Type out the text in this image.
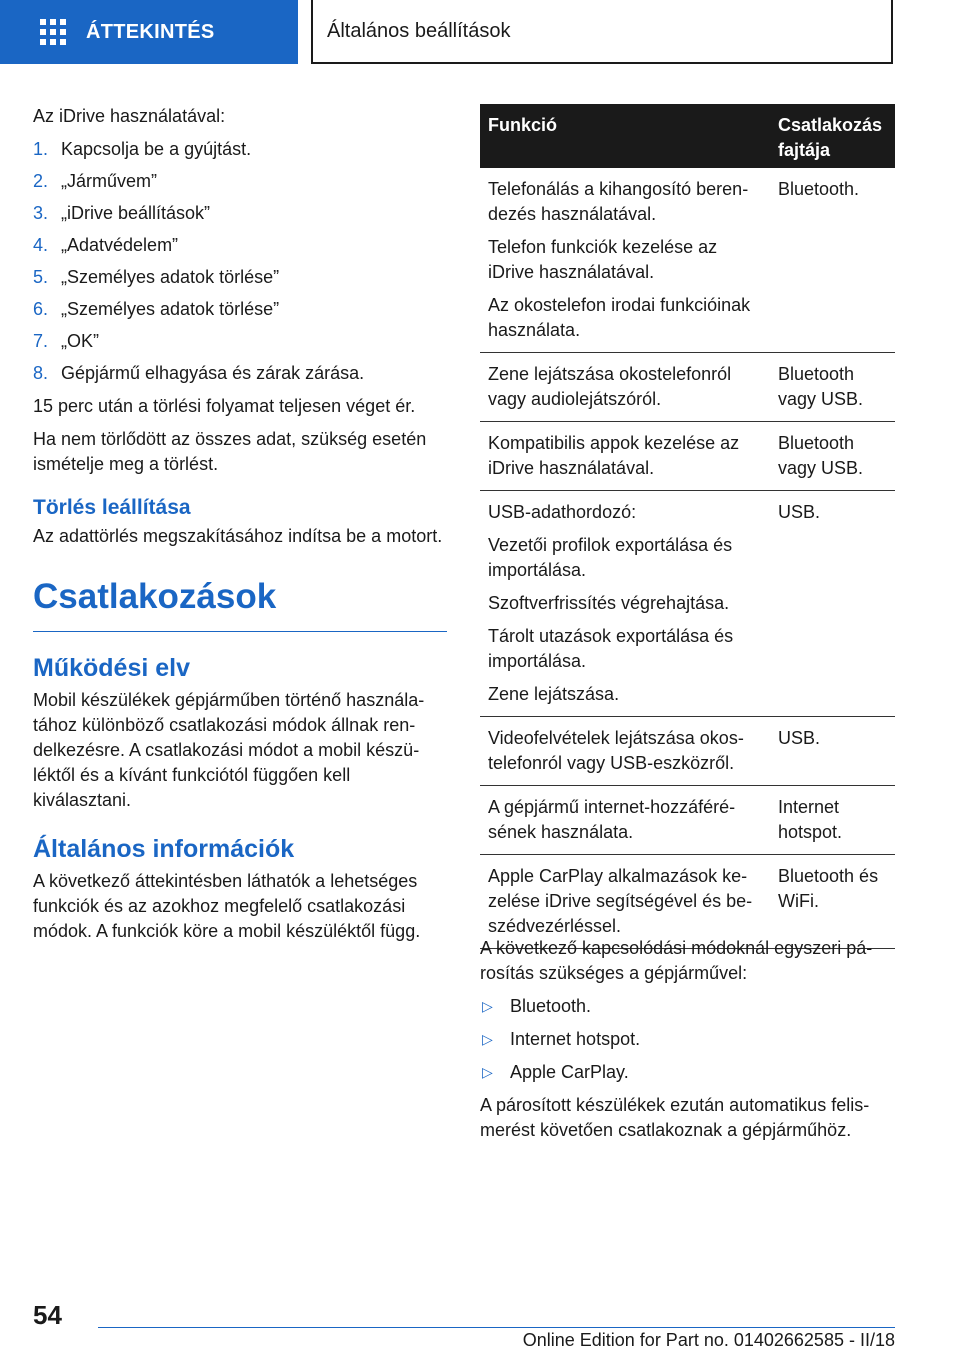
ÁTTEKINTÉS	Általános beállítások

Az iDrive használatával:

1. Kapcsolja be a gyújtást.
2. „Járművem”
3. „iDrive beállítások”
4. „Adatvédelem”
5. „Személyes adatok törlése”
6. „Személyes adatok törlése”
7. „OK”
8. Gépjármű elhagyása és zárak zárása.

15 perc után a törlési folyamat teljesen véget ér.

Ha nem törlődött az összes adat, szükség esetén ismételje meg a törlést.

Törlés leállítása

Az adattörlés megszakításához indítsa be a motort.

Csatlakozások
Működési elv

Mobil készülékek gépjárműben történő használatához különböző csatlakozási módok állnak rendelkezésre. A csatlakozási módot a mobil készüléktől és a kívánt funkciótól függően kell kiválasztani.

Általános információk

A következő áttekintésben láthatók a lehetséges funkciók és az azokhoz megfelelő csatlakozási módok. A funkciók köre a mobil készüléktől függ.

Funkció	Csatlakozás fajtája
Telefonálás a kihangosító berendezés használatával.
Telefon funkciók kezelése az iDrive használatával.
Az okostelefon irodai funkcióinak használata.
Bluetooth.
Zene lejátszása okostelefonról vagy audiolejátszóról.
Bluetooth vagy USB.
Kompatibilis appok kezelése az iDrive használatával.
Bluetooth vagy USB.
USB-adathordozó:
Vezetői profilok exportálása és importálása.
Szoftverfrissítés végrehajtása.
Tárolt utazások exportálása és importálása.
Zene lejátszása.
USB.
Videofelvételek lejátszása okostelefonról vagy USB-eszközről.
USB.
A gépjármű internet-hozzáférésének használata.
Internet hotspot.
Apple CarPlay alkalmazások kezelése iDrive segítségével és beszédvezérléssel.
Bluetooth és WiFi.

A következő kapcsolódási módoknál egyszeri párosítás szükséges a gépjárművel:

▷ Bluetooth.
▷ Internet hotspot.
▷ Apple CarPlay.

A párosított készülékek ezután automatikus felismerést követően csatlakoznak a gépjárműhöz.

54
Online Edition for Part no. 01402662585 - II/18
